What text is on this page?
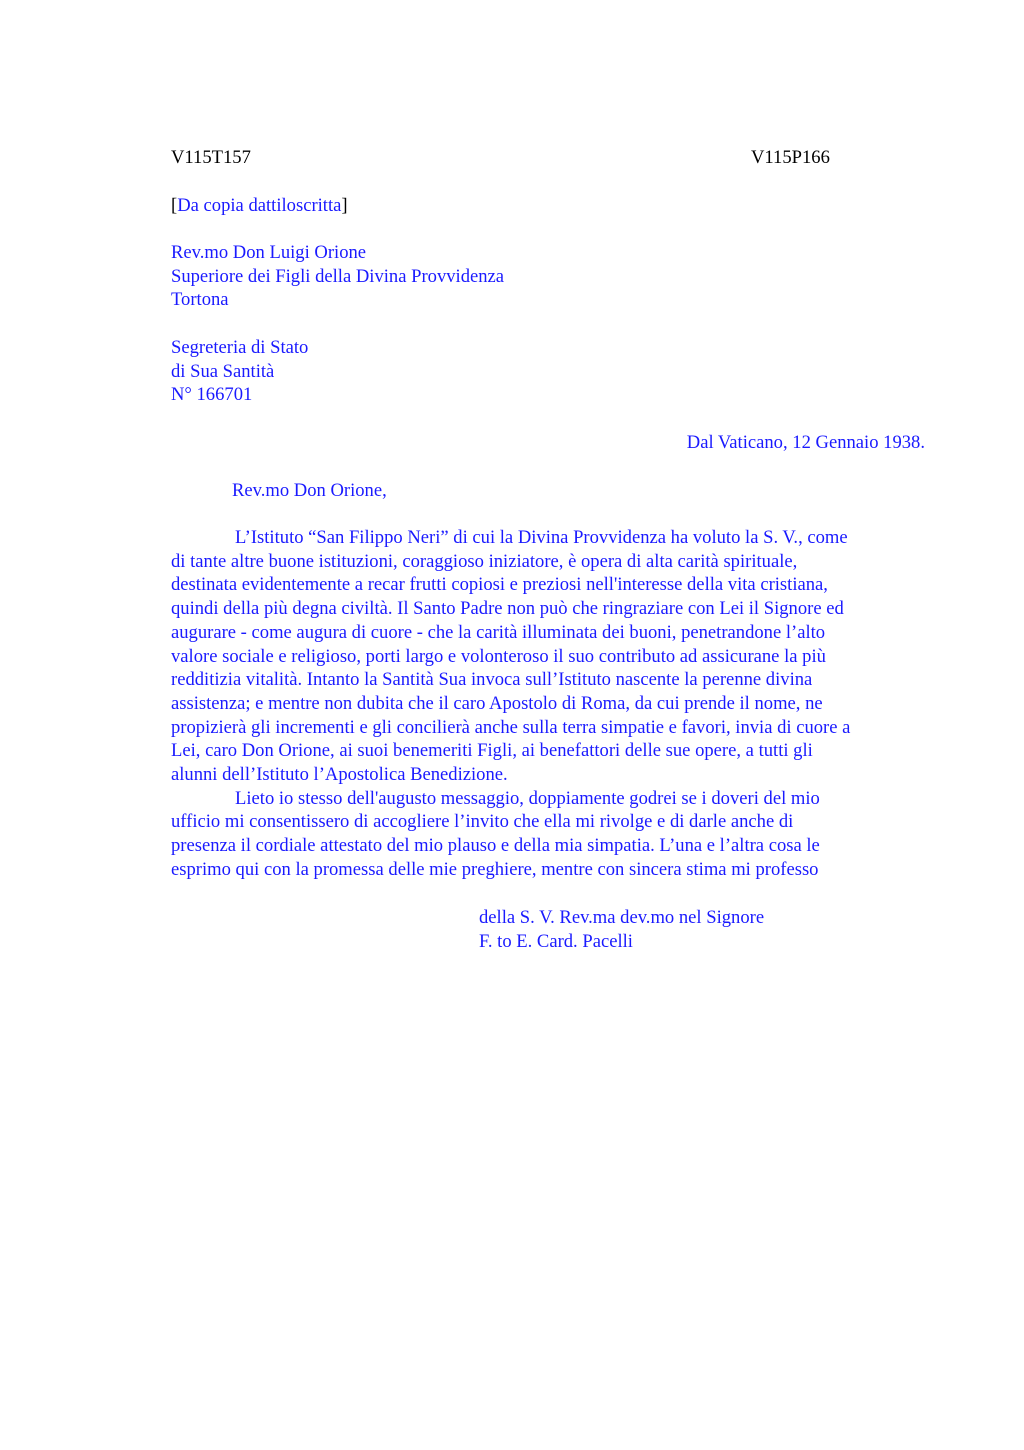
V115T157	V115P166
[Da copia dattiloscritta]
Rev.mo Don Luigi Orione
Superiore dei Figli della Divina Provvidenza
Tortona
Segreteria di Stato
di Sua Santità
N° 166701
Dal Vaticano, 12 Gennaio 1938.
Rev.mo Don Orione,

L’Istituto “San Filippo Neri” di cui la Divina Provvidenza ha voluto la S. V., come
di tante altre buone istituzioni, coraggioso iniziatore, è opera di alta carità spirituale,
destinata evidentemente a recar frutti copiosi e preziosi nell'interesse della vita cristiana,
quindi della più degna civiltà. Il Santo Padre non può che ringraziare con Lei il Signore ed
augurare - come augura di cuore - che la carità illuminata dei buoni, penetrandone l’alto
valore sociale e religioso, porti largo e volonteroso il suo contributo ad assicurane la più
redditizia vitalità. Intanto la Santità Sua invoca sull’Istituto nascente la perenne divina
assistenza; e mentre non dubita che il caro Apostolo di Roma, da cui prende il nome, ne
propizierà gli incrementi e gli concilierà anche sulla terra simpatie e favori, invia di cuore a
Lei, caro Don Orione, ai suoi benemeriti Figli, ai benefattori delle sue opere, a tutti gli
alunni dell’Istituto l’Apostolica Benedizione.

Lieto io stesso dell'augusto messaggio, doppiamente godrei se i doveri del mio
ufficio mi consentissero di accogliere l’invito che ella mi rivolge e di darle anche di
presenza il cordiale attestato del mio plauso e della mia simpatia. L’una e l’altra cosa le
esprimo qui con la promessa delle mie preghiere, mentre con sincera stima mi professo

della S. V. Rev.ma dev.mo nel Signore
F. to E. Card. Pacelli
